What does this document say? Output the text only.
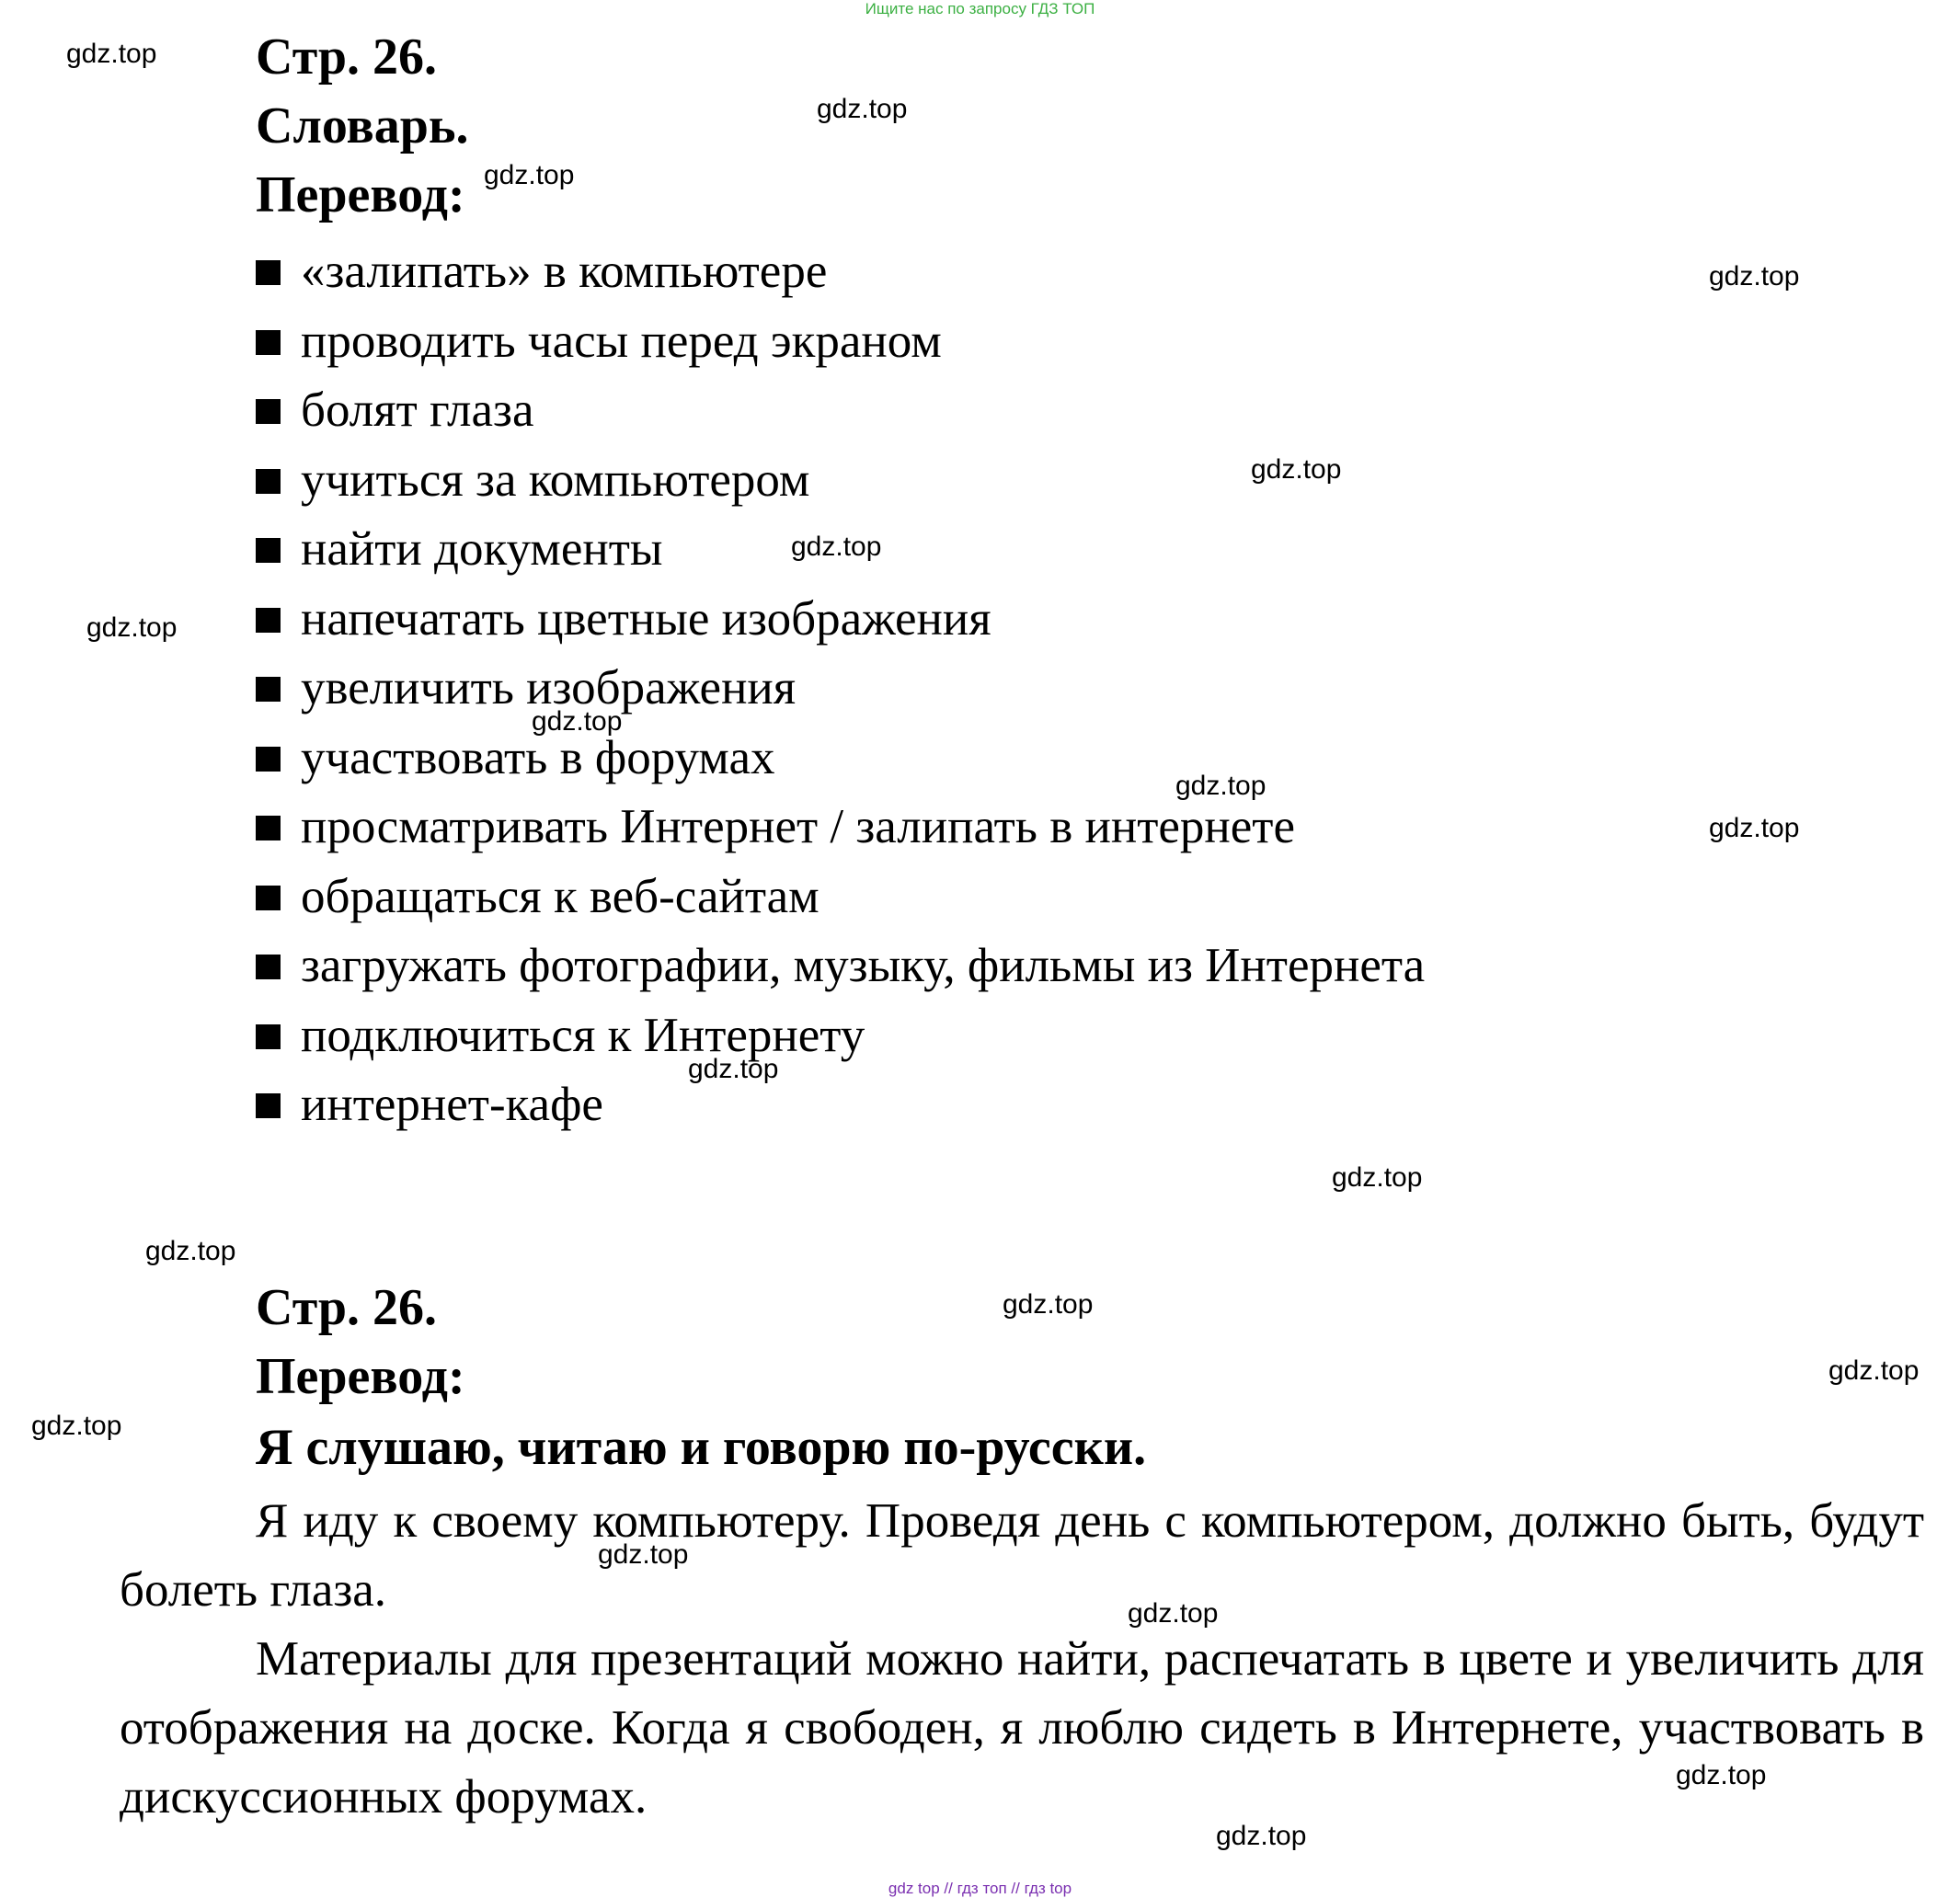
Ищите нас по запросу ГДЗ ТОП
Стр. 26.
Словарь.
Перевод:
«залипать» в компьютере
проводить часы перед экраном
болят глаза
учиться за компьютером
найти документы
напечатать цветные изображения
увеличить изображения
участвовать в форумах
просматривать Интернет / залипать в интернете
обращаться к веб-сайтам
загружать фотографии, музыку, фильмы из Интернета
подключиться к Интернету
интернет-кафе
Стр. 26.
Перевод:
Я слушаю, читаю и говорю по-русски.

Я иду к своему компьютеру. Проведя день с компьютером, должно быть, будут болеть глаза.

Материалы для презентаций можно найти, распечатать в цвете и увеличить для отображения на доске. Когда я свободен, я люблю сидеть в Интернете, участвовать в дискуссионных форумах.

gdz.top
gdz.top
gdz.top
gdz.top
gdz.top
gdz.top
gdz.top
gdz.top
gdz.top
gdz.top
gdz.top
gdz.top
gdz.top
gdz.top
gdz.top
gdz.top
gdz.top
gdz.top
gdz.top
gdz.top
gdz top // гдз топ // гдз top
